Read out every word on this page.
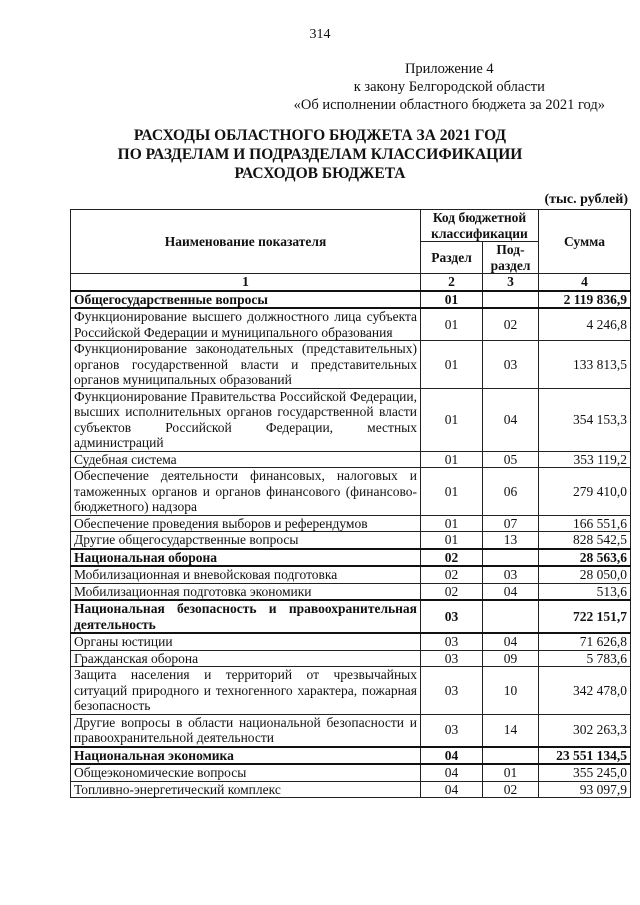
314
Приложение 4
к закону Белгородской области
«Об исполнении областного бюджета за 2021 год»
РАСХОДЫ ОБЛАСТНОГО БЮДЖЕТА ЗА 2021 ГОД
ПО РАЗДЕЛАМ И ПОДРАЗДЕЛАМ КЛАССИФИКАЦИИ
РАСХОДОВ БЮДЖЕТА
(тыс. рублей)
Наименование показателя	Код бюджетной классификации		Сумма
	Раздел	Под-раздел	
1	2	3	4
Общегосударственные вопросы	01		2 119 836,9
Функционирование высшего должностного лица субъекта Российской Федерации и муниципального образования	01	02	4 246,8
Функционирование законодательных (представительных) органов государственной власти и представительных органов муниципальных образований	01	03	133 813,5
Функционирование Правительства Российской Федерации, высших исполнительных органов государственной власти субъектов Российской Федерации, местных администраций	01	04	354 153,3
Судебная система	01	05	353 119,2
Обеспечение деятельности финансовых, налоговых и таможенных органов и органов финансового (финансово-бюджетного) надзора	01	06	279 410,0
Обеспечение проведения выборов и референдумов	01	07	166 551,6
Другие общегосударственные вопросы	01	13	828 542,5
Национальная оборона	02		28 563,6
Мобилизационная и вневойсковая подготовка	02	03	28 050,0
Мобилизационная подготовка экономики	02	04	513,6
Национальная безопасность и правоохранительная деятельность	03		722 151,7
Органы юстиции	03	04	71 626,8
Гражданская оборона	03	09	5 783,6
Защита населения и территорий от чрезвычайных ситуаций природного и техногенного характера, пожарная безопасность	03	10	342 478,0
Другие вопросы в области национальной безопасности и правоохранительной деятельности	03	14	302 263,3
Национальная экономика	04		23 551 134,5
Общеэкономические вопросы	04	01	355 245,0
Топливно-энергетический комплекс	04	02	93 097,9
